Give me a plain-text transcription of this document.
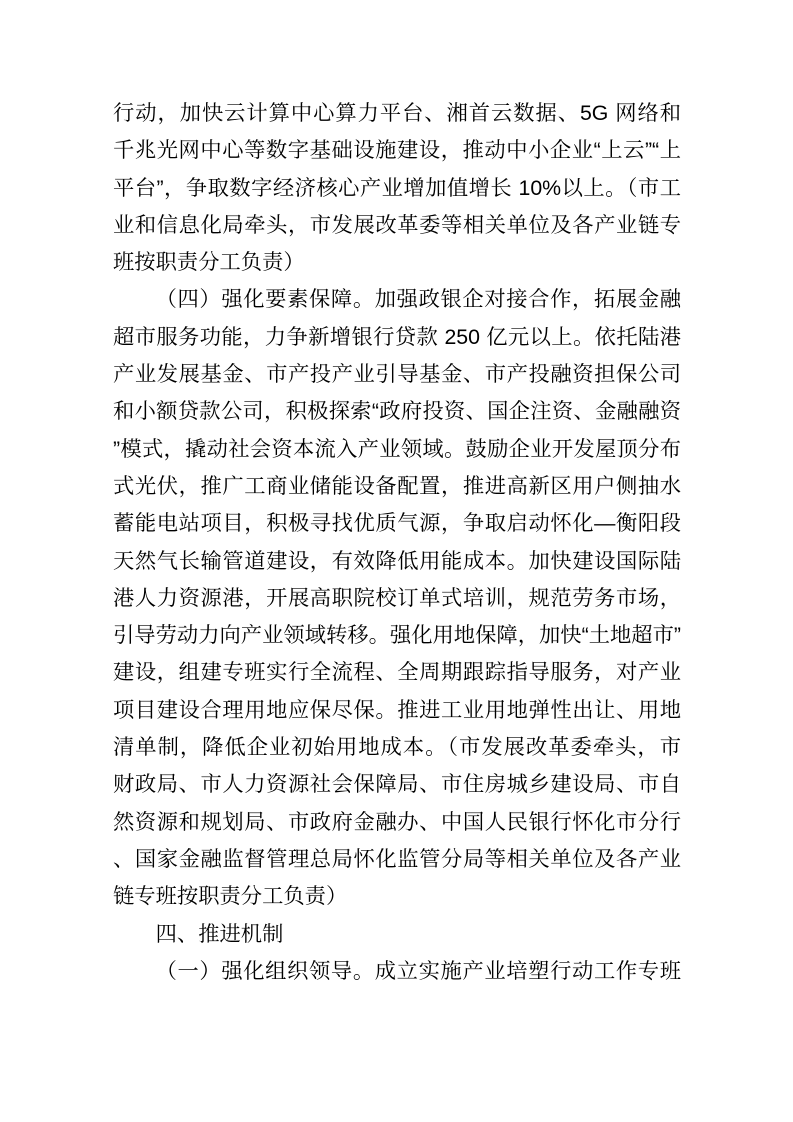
行动，加快云计算中心算力平台、湘首云数据、5G 网络和

千兆光网中心等数字基础设施建设，推动中小企业“上云”“上

平台”，争取数字经济核心产业增加值增长 10%以上。（市工

业和信息化局牵头，市发展改革委等相关单位及各产业链专

班按职责分工负责）

（四）强化要素保障。加强政银企对接合作，拓展金融

超市服务功能，力争新增银行贷款 250 亿元以上。依托陆港

产业发展基金、市产投产业引导基金、市产投融资担保公司

和小额贷款公司，积极探索“政府投资、国企注资、金融融资

”模式，撬动社会资本流入产业领域。鼓励企业开发屋顶分布

式光伏，推广工商业储能设备配置，推进高新区用户侧抽水

蓄能电站项目，积极寻找优质气源，争取启动怀化—衡阳段

天然气长输管道建设，有效降低用能成本。加快建设国际陆

港人力资源港，开展高职院校订单式培训，规范劳务市场，

引导劳动力向产业领域转移。强化用地保障，加快“土地超市”

建设，组建专班实行全流程、全周期跟踪指导服务，对产业

项目建设合理用地应保尽保。推进工业用地弹性出让、用地

清单制，降低企业初始用地成本。（市发展改革委牵头，市

财政局、市人力资源社会保障局、市住房城乡建设局、市自

然资源和规划局、市政府金融办、中国人民银行怀化市分行

、国家金融监督管理总局怀化监管分局等相关单位及各产业

链专班按职责分工负责）

四、推进机制

（一）强化组织领导。成立实施产业培塑行动工作专班
